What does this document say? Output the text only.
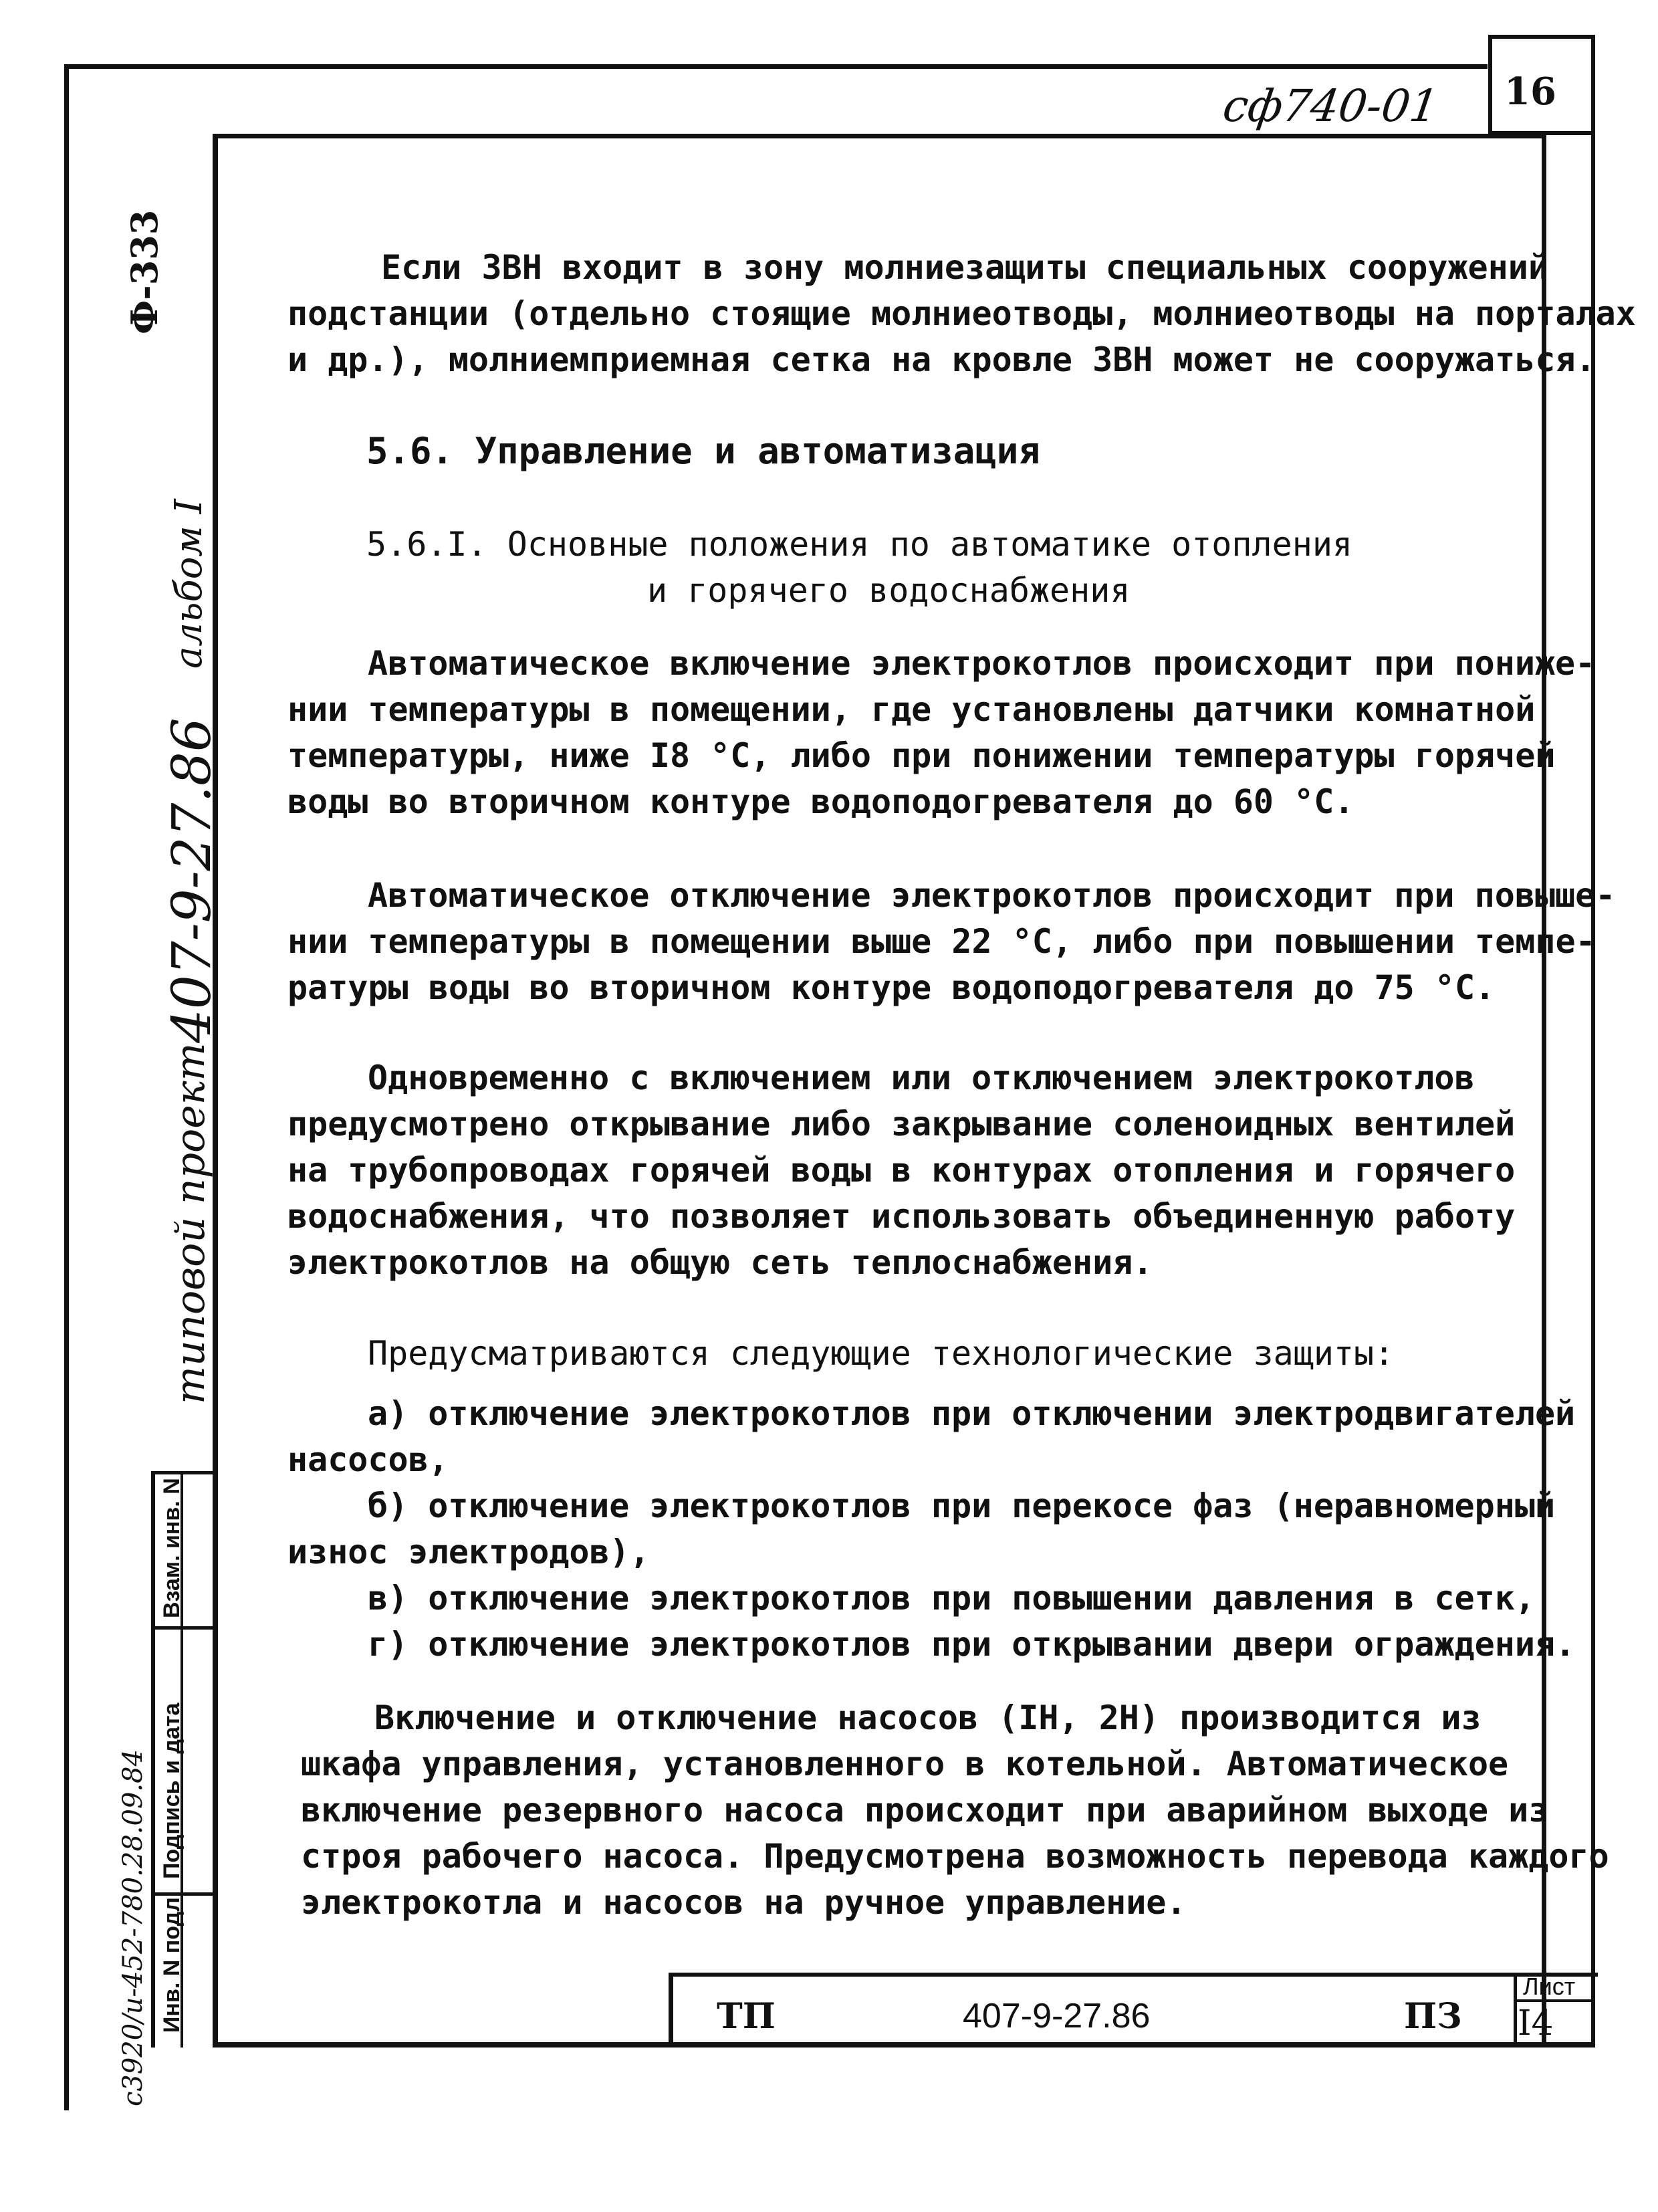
сф740-01 16
Ф-333
альбом I
типовой проект
407-9-27.86
с3920/и-452-780.28.09.84 Инв. N подл.
Подпись и дата
Взам. инв. N
Если ЗВН входит в зону молниезащиты специальных сооружений
подстанции (отдельно стоящие молниеотводы, молниеотводы на порталах
и др.), молниемприемная сетка на кровле ЗВН может не сооружаться.
5.6. Управление и автоматизация
5.6.I. Основные положения по автоматике отопления
и горячего водоснабжения
Автоматическое включение электрокотлов происходит при пониже-
нии температуры в помещении, где установлены датчики комнатной
температуры, ниже I8 °С, либо при понижении температуры горячей
воды во вторичном контуре водоподогревателя до 60 °С.
Автоматическое отключение электрокотлов происходит при повыше-
нии температуры в помещении выше 22 °С, либо при повышении темпе-
ратуры воды во вторичном контуре водоподогревателя до 75 °С.
Одновременно с включением или отключением электрокотлов
предусмотрено открывание либо закрывание соленоидных вентилей
на трубопроводах горячей воды в контурах отопления и горячего
водоснабжения, что позволяет использовать объединенную работу
электрокотлов на общую сеть теплоснабжения.
Предусматриваются следующие технологические защиты:
а) отключение электрокотлов при отключении электродвигателей
насосов,
б) отключение электрокотлов при перекосе фаз (неравномерный
износ электродов),
в) отключение электрокотлов при повышении давления в сетк,
г) отключение электрокотлов при открывании двери ограждения.
Включение и отключение насосов (IН, 2Н) производится из
шкафа управления, установленного в котельной. Автоматическое
включение резервного насоса происходит при аварийном выходе из
строя рабочего насоса. Предусмотрена возможность перевода каждого
электрокотла и насосов на ручное управление.
ТП	407-9-27.86	ПЗ
Лист
I4
